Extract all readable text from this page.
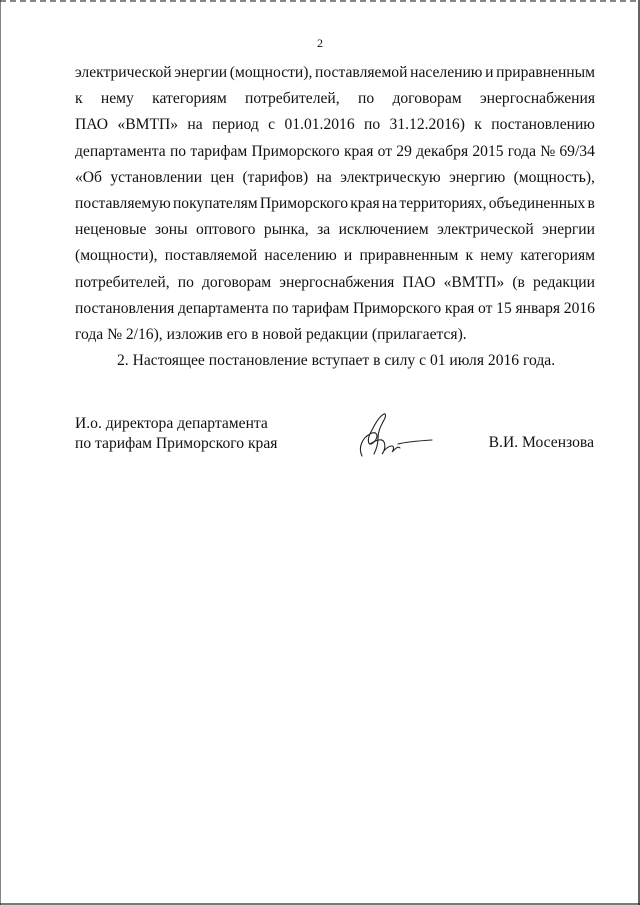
2
электрической энергии (мощности), поставляемой населению и приравненным
к нему категориям потребителей, по договорам энергоснабжения
ПАО «ВМТП» на период с 01.01.2016 по 31.12.2016) к постановлению
департамента по тарифам Приморского края от 29 декабря 2015 года № 69/34
«Об установлении цен (тарифов) на электрическую энергию (мощность),
поставляемую покупателям Приморского края на территориях, объединенных в
неценовые зоны оптового рынка, за исключением электрической энергии
(мощности), поставляемой населению и приравненным к нему категориям
потребителей, по договорам энергоснабжения ПАО «ВМТП» (в редакции
постановления департамента по тарифам Приморского края от 15 января 2016
года № 2/16), изложив его в новой редакции (прилагается).
2. Настоящее постановление вступает в силу с 01 июля 2016 года.
И.о. директора департамента
по тарифам Приморского края	В.И. Мосензова
